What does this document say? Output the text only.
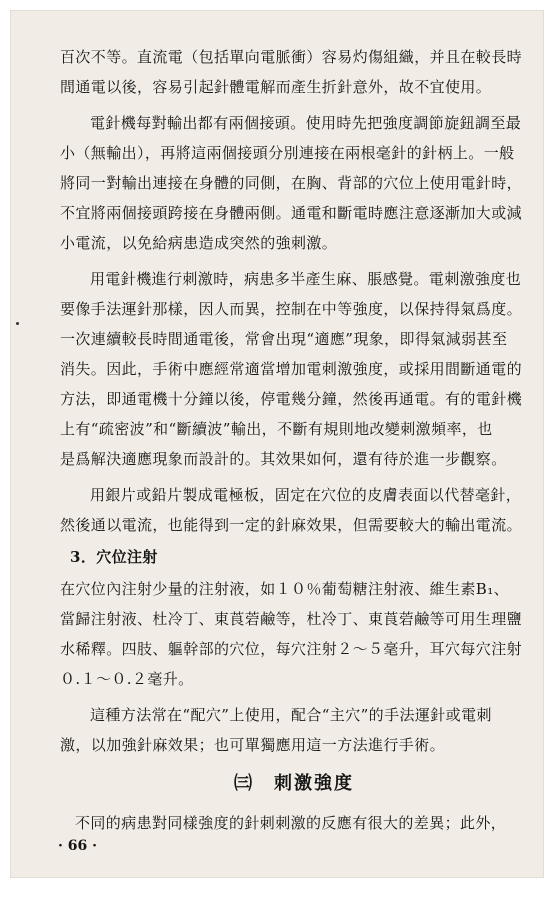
百次不等。直流電（包括單向電脈衝）容易灼傷組織，并且在較長時

間通電以後，容易引起針體電解而產生折針意外，故不宜使用。

電針機每對輸出都有兩個接頭。使用時先把強度調節旋鈕調至最

小（無輸出），再將這兩個接頭分別連接在兩根毫針的針柄上。一般

將同一對輸出連接在身體的同側，在胸、背部的穴位上使用電針時，

不宜將兩個接頭跨接在身體兩側。通電和斷電時應注意逐漸加大或減

小電流，以免給病患造成突然的強刺激。

用電針機進行刺激時，病患多半產生麻、脹感覺。電刺激強度也

要像手法運針那樣，因人而異，控制在中等強度，以保持得氣爲度。

一次連續較長時間通電後，常會出現“適應”現象，即得氣減弱甚至

消失。因此，手術中應經常適當增加電刺激強度，或採用間斷通電的

方法，即通電機十分鐘以後，停電幾分鐘，然後再通電。有的電針機

上有“疏密波”和“斷續波”輸出，不斷有規則地改變刺激頻率，也

是爲解決適應現象而設計的。其效果如何，還有待於進一步觀察。

用銀片或鉛片製成電極板，固定在穴位的皮膚表面以代替毫針，

然後通以電流，也能得到一定的針麻效果，但需要較大的輸出電流。

3．穴位注射

在穴位內注射少量的注射液，如１０％葡萄糖注射液、維生素B₁、

當歸注射液、杜冷丁、東莨菪鹼等，杜冷丁、東莨菪鹼等可用生理鹽

水稀釋。四肢、軀幹部的穴位，每穴注射２～５毫升，耳穴每穴注射

０.１～０.２毫升。

這種方法常在“配穴”上使用，配合“主穴”的手法運針或電刺

激，以加強針麻效果；也可單獨應用這一方法進行手術。

㈢　刺激強度

不同的病患對同樣強度的針刺刺激的反應有很大的差異；此外，

· 66 ·
